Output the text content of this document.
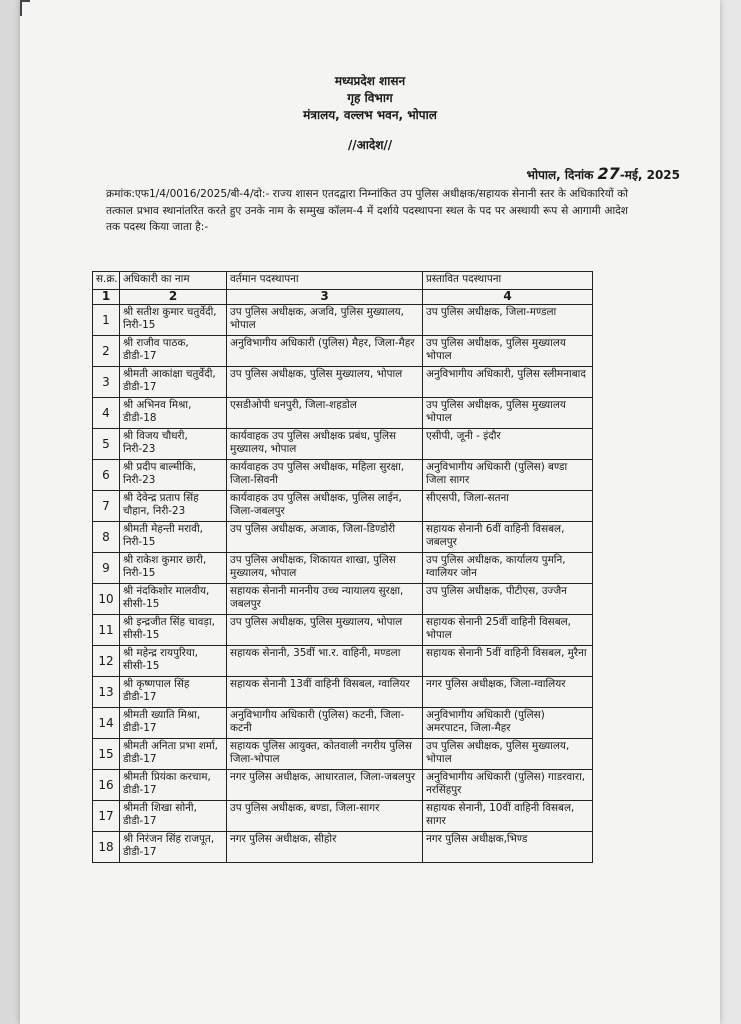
मध्यप्रदेश शासन
गृह विभाग
मंत्रालय, वल्लभ भवन, भोपाल
//आदेश//
भोपाल, दिनांक 27-मई, 2025
क्रमांक:एफ1/4/0016/2025/बी-4/दो:- राज्य शासन एतदद्वारा निम्नांकित उप पुलिस अधीक्षक/सहायक सेनानी स्तर के अधिकारियों को तत्काल प्रभाव स्थानांतरित करते हुए उनके नाम के सम्मुख कॉलम-4 में दर्शाये पदस्थापना स्थल के पद पर अस्थायी रूप से आगामी आदेश तक पदस्थ किया जाता है:-
स.क्र.	अधिकारी का नाम	वर्तमान पदस्थापना	प्रस्तावित पदस्थापना
1	2	3	4
1	श्री सतीश कुमार चतुर्वेदी, निरी-15	उप पुलिस अधीक्षक, अजवि, पुलिस मुख्यालय, भोपाल	उप पुलिस अधीक्षक, जिला-मण्डला
2	श्री राजीव पाठक, डीडी-17	अनुविभागीय अधिकारी (पुलिस) मैहर, जिला-मैहर	उप पुलिस अधीक्षक, पुलिस मुख्यालय भोपाल
3	श्रीमती आकांक्षा चतुर्वेदी, डीडी-17	उप पुलिस अधीक्षक, पुलिस मुख्यालय, भोपाल	अनुविभागीय अधिकारी, पुलिस स्लीमनाबाद
4	श्री अभिनव मिश्रा, डीडी-18	एसडीओपी धनपुरी, जिला-शहडोल	उप पुलिस अधीक्षक, पुलिस मुख्यालय भोपाल
5	श्री विजय चौधरी, निरी-23	कार्यवाहक उप पुलिस अधीक्षक प्रबंध, पुलिस मुख्यालय, भोपाल	एसीपी, जूनी - इंदौर
6	श्री प्रदीप बाल्मीकि, निरी-23	कार्यवाहक उप पुलिस अधीक्षक, महिला सुरक्षा, जिला-सिवनी	अनुविभागीय अधिकारी (पुलिस) बण्डा जिला सागर
7	श्री देवेन्द्र प्रताप सिंह चौहान, निरी-23	कार्यवाहक उप पुलिस अधीक्षक, पुलिस लाईन, जिला-जबलपुर	सीएसपी, जिला-सतना
8	श्रीमती मेहन्ती मरावी, निरी-15	उप पुलिस अधीक्षक, अजाक, जिला-डिण्डोरी	सहायक सेनानी 6वीं वाहिनी विसबल, जबलपुर
9	श्री राकेश कुमार छारी, निरी-15	उप पुलिस अधीक्षक, शिकायत शाखा, पुलिस मुख्यालय, भोपाल	उप पुलिस अधीक्षक, कार्यालय पुमनि, ग्वालियर जोन
10	श्री नंदकिशोर मालवीय, सीसी-15	सहायक सेनानी माननीय उच्च न्यायालय सुरक्षा, जबलपुर	उप पुलिस अधीक्षक, पीटीएस, उज्जैन
11	श्री इन्द्रजीत सिंह चावड़ा, सीसी-15	उप पुलिस अधीक्षक, पुलिस मुख्यालय, भोपाल	सहायक सेनानी 25वीं वाहिनी विसबल, भोपाल
12	श्री महेन्द्र रायपुरिया, सीसी-15	सहायक सेनानी, 35वीं भा.र. वाहिनी, मण्डला	सहायक सेनानी 5वीं वाहिनी विसबल, मुरैना
13	श्री कृष्णपाल सिंह डीडी-17	सहायक सेनानी 13वीं वाहिनी विसबल, ग्वालियर	नगर पुलिस अधीक्षक, जिला-ग्वालियर
14	श्रीमती ख्याति मिश्रा, डीडी-17	अनुविभागीय अधिकारी (पुलिस) कटनी, जिला-कटनी	अनुविभागीय अधिकारी (पुलिस) अमरपाटन, जिला-मैहर
15	श्रीमती अनिता प्रभा शर्मा, डीडी-17	सहायक पुलिस आयुक्त, कोतवाली नगरीय पुलिस जिला-भोपाल	उप पुलिस अधीक्षक, पुलिस मुख्यालय, भोपाल
16	श्रीमती प्रियंका करचाम, डीडी-17	नगर पुलिस अधीक्षक, आधारताल, जिला-जबलपुर	अनुविभागीय अधिकारी (पुलिस) गाडरवारा, नरसिंहपुर
17	श्रीमती शिखा सोनी, डीडी-17	उप पुलिस अधीक्षक, बण्डा, जिला-सागर	सहायक सेनानी, 10वीं वाहिनी विसबल, सागर
18	श्री निरंजन सिंह राजपूत, डीडी-17	नगर पुलिस अधीक्षक, सीहोर	नगर पुलिस अधीक्षक,भिण्ड
